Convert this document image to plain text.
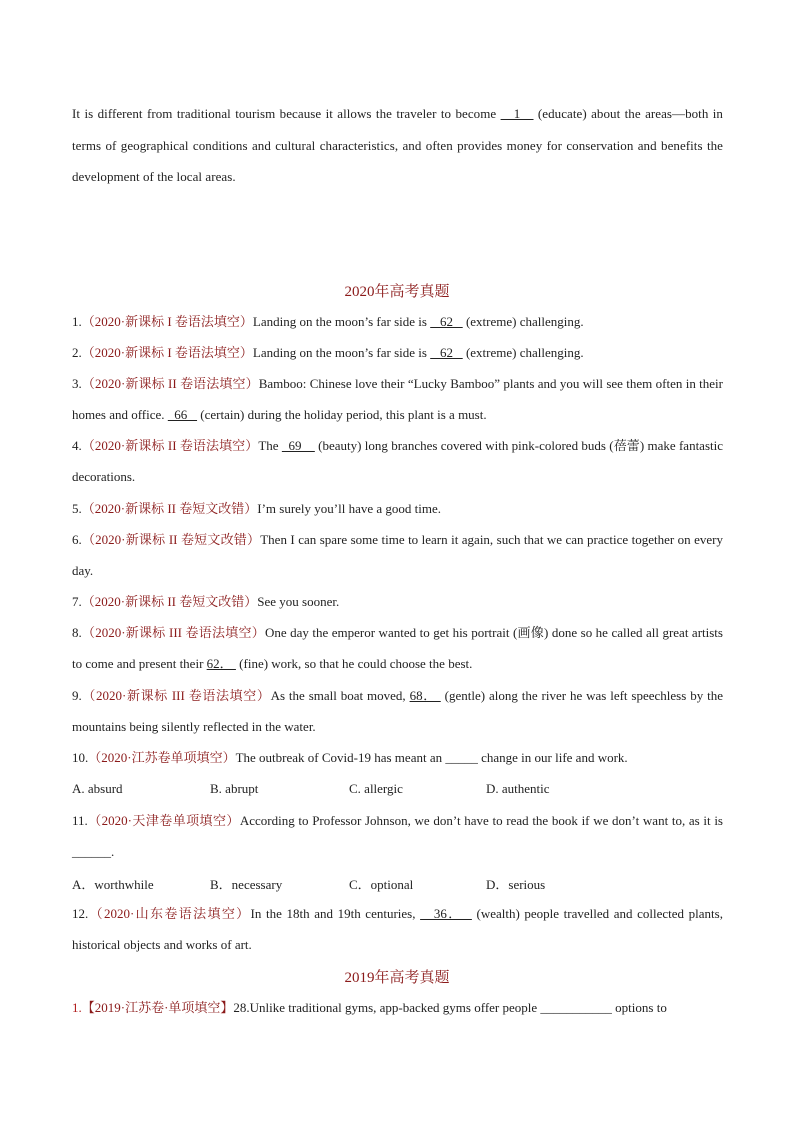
It is different from traditional tourism because it allows the traveler to become    1    (educate) about the areas—both in terms of geographical conditions and cultural characteristics, and often provides money for conservation and benefits the development of the local areas.
2020年高考真题
1.（2020·新课标 I 卷语法填空）Landing on the moon’s far side is    62    (extreme) challenging.
2.（2020·新课标 I 卷语法填空）Landing on the moon’s far side is    62    (extreme) challenging.
3.（2020·新课标 II 卷语法填空）Bamboo: Chinese love their “Lucky Bamboo” plants and you will see them often in their homes and office.   66    (certain) during the holiday period, this plant is a must.
4.（2020·新课标 II 卷语法填空）The   69     (beauty) long branches covered with pink-colored buds (蓓蕾) make fantastic decorations.
5.（2020·新课标 II 卷短文改错）I’m surely you’ll have a good time.
6.（2020·新课标 II 卷短文改错）Then I can spare some time to learn it again, such that we can practice together on every day.
7.（2020·新课标 II 卷短文改错）See you sooner.
8.（2020·新课标 III 卷语法填空）One day the emperor wanted to get his portrait (画像) done so he called all great artists to come and present their 62．  (fine) work, so that he could choose the best.
9.（2020·新课标 III 卷语法填空）As the small boat moved, 68．  (gentle) along the river he was left speechless by the mountains being silently reflected in the water.
10.（2020·江苏卷单项填空）The outbreak of Covid-19 has meant an _____ change in our life and work.
A. absurd	B. abrupt	C. allergic	D. authentic
11.（2020·天津卷单项填空）According to Professor Johnson, we don’t have to read the book if we don’t want to, as it is ______.
A．worthwhile	B．necessary	C．optional	D．serious
12.（2020·山东卷语法填空）In the 18th and 19th centuries,    36．   (wealth) people travelled and collected plants, historical objects and works of art.
2019年高考真题
1.【2019·江苏卷·单项填空】28.Unlike traditional gyms, app-backed gyms offer people ___________ options to
